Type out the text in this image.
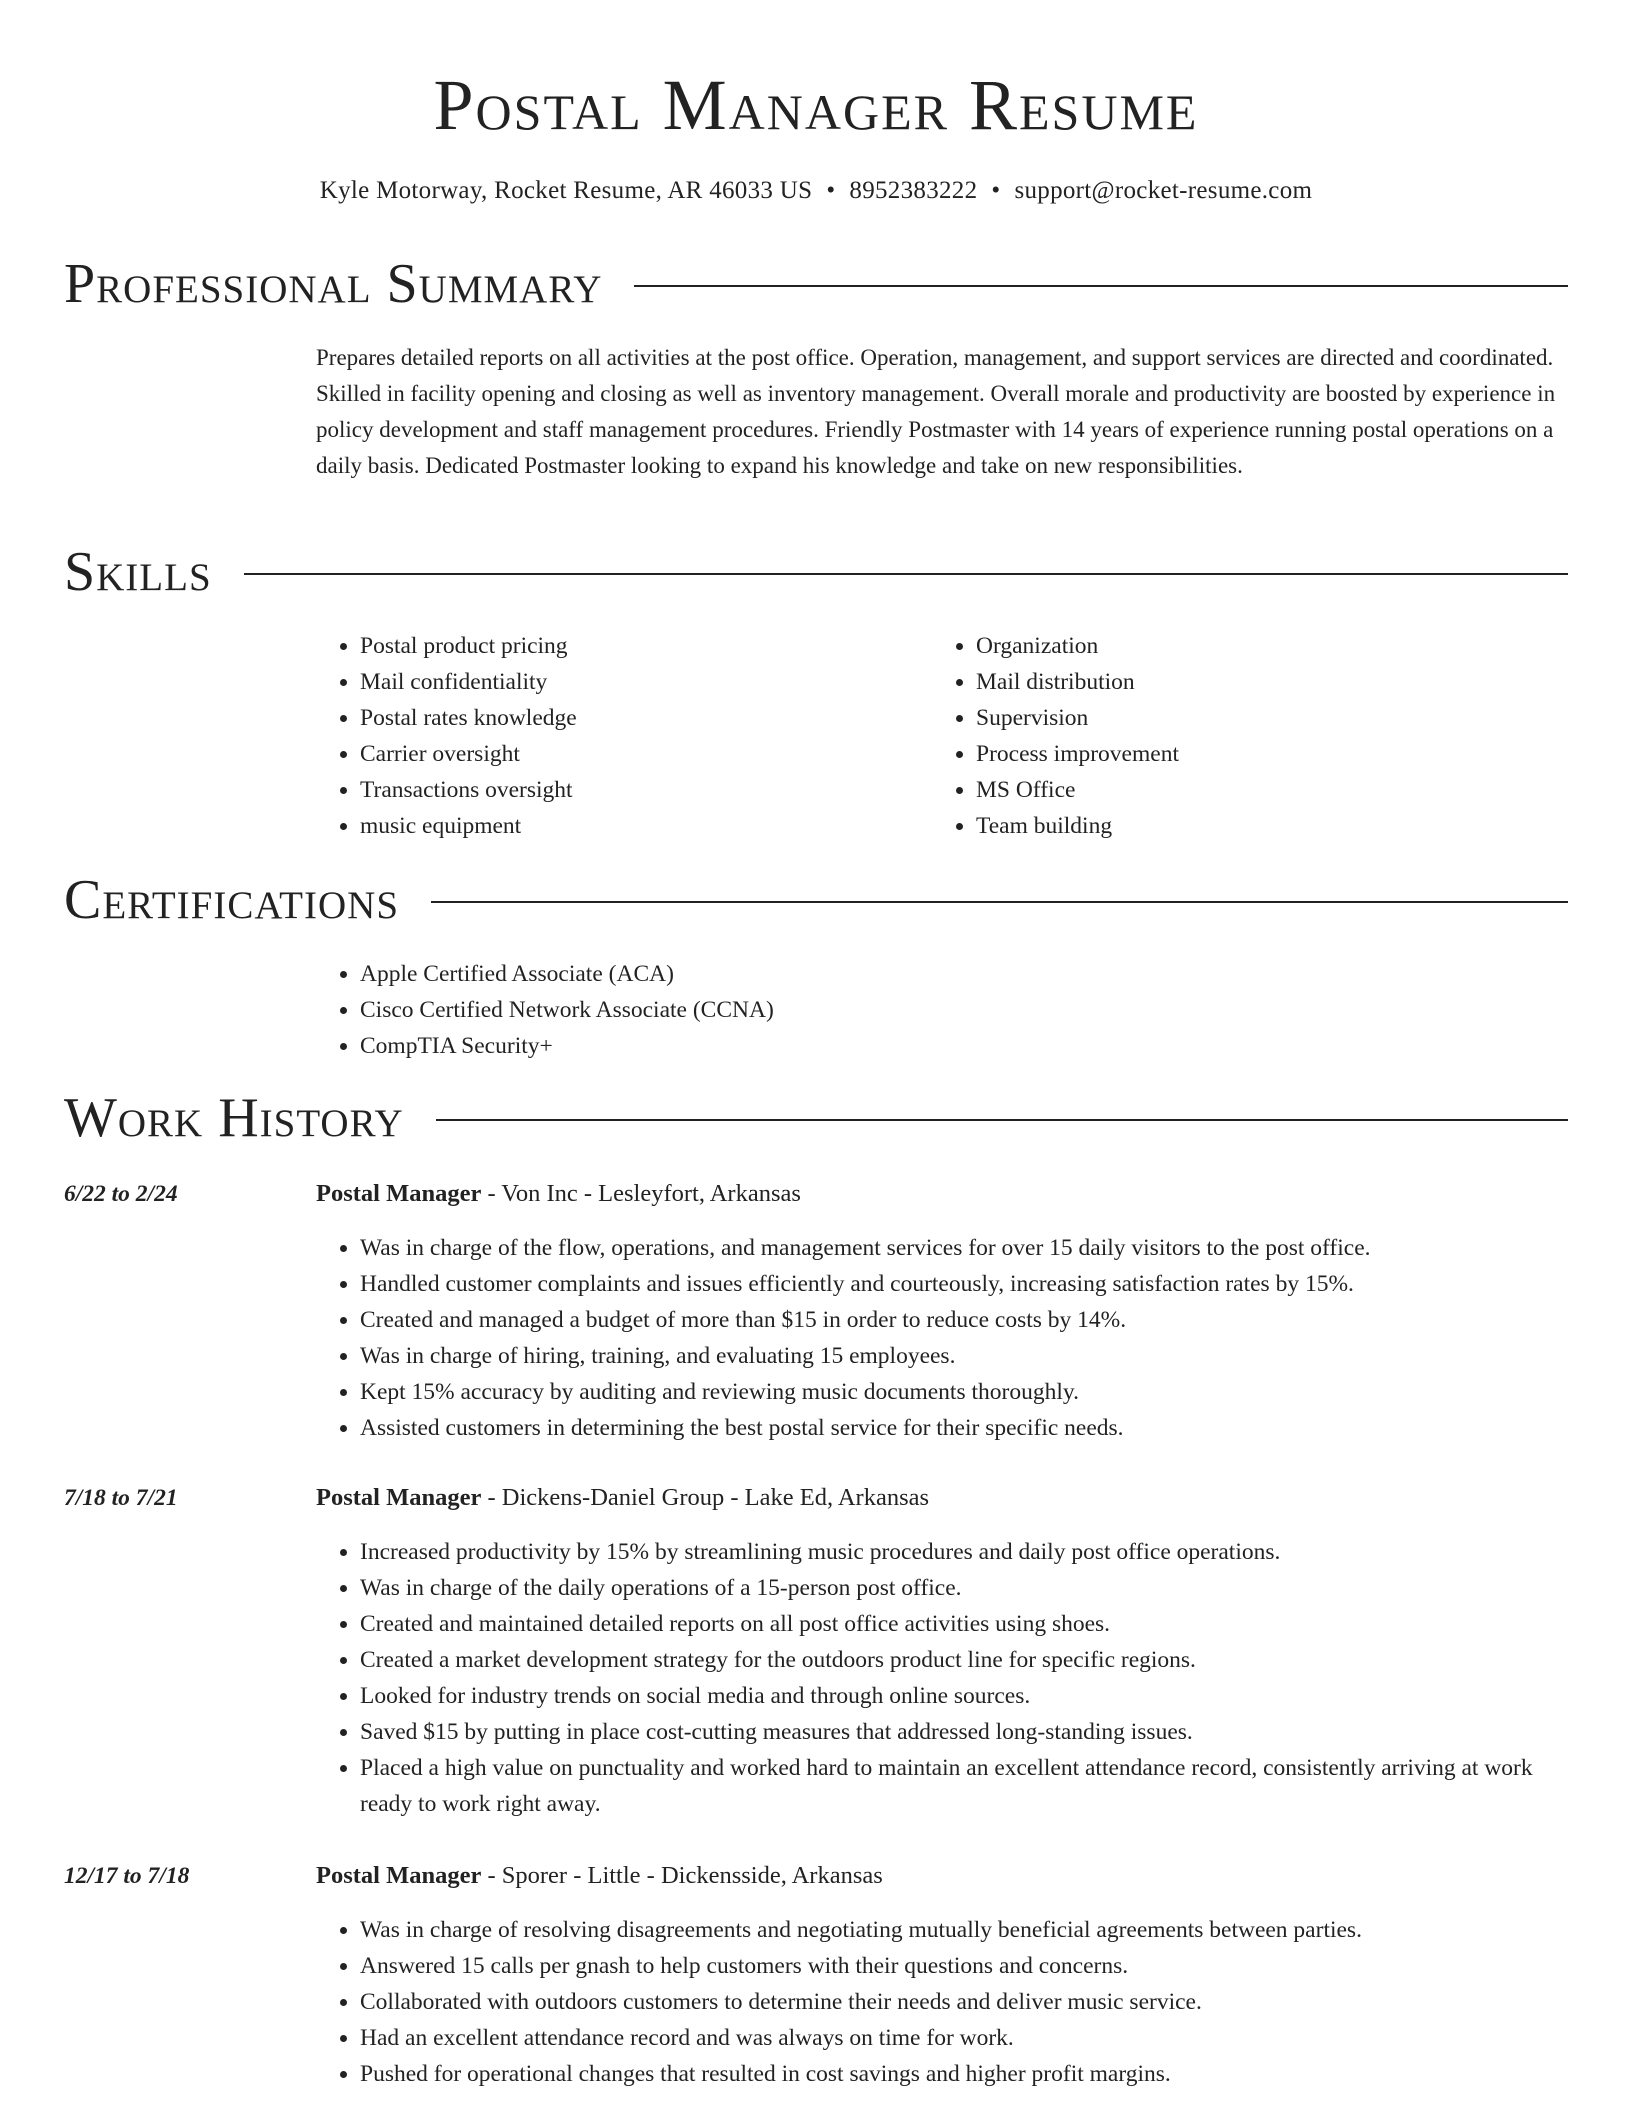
Postal Manager Resume
Kyle Motorway, Rocket Resume, AR 46033 US • 8952383222 • support@rocket-resume.com
Professional Summary

Prepares detailed reports on all activities at the post office. Operation, management, and support services are directed and coordinated. Skilled in facility opening and closing as well as inventory management. Overall morale and productivity are boosted by experience in policy development and staff management procedures. Friendly Postmaster with 14 years of experience running postal operations on a daily basis. Dedicated Postmaster looking to expand his knowledge and take on new responsibilities.

Skills
• Postal product pricing
• Mail confidentiality
• Postal rates knowledge
• Carrier oversight
• Transactions oversight
• music equipment
• Organization
• Mail distribution
• Supervision
• Process improvement
• MS Office
• Team building
Certifications
• Apple Certified Associate (ACA)
• Cisco Certified Network Associate (CCNA)
• CompTIA Security+
Work History
6/22 to 2/24	Postal Manager - Von Inc - Lesleyfort, Arkansas
• Was in charge of the flow, operations, and management services for over 15 daily visitors to the post office.
• Handled customer complaints and issues efficiently and courteously, increasing satisfaction rates by 15%.
• Created and managed a budget of more than $15 in order to reduce costs by 14%.
• Was in charge of hiring, training, and evaluating 15 employees.
• Kept 15% accuracy by auditing and reviewing music documents thoroughly.
• Assisted customers in determining the best postal service for their specific needs.
7/18 to 7/21	Postal Manager - Dickens-Daniel Group - Lake Ed, Arkansas
• Increased productivity by 15% by streamlining music procedures and daily post office operations.
• Was in charge of the daily operations of a 15-person post office.
• Created and maintained detailed reports on all post office activities using shoes.
• Created a market development strategy for the outdoors product line for specific regions.
• Looked for industry trends on social media and through online sources.
• Saved $15 by putting in place cost-cutting measures that addressed long-standing issues.
• Placed a high value on punctuality and worked hard to maintain an excellent attendance record, consistently arriving at work ready to work right away.
12/17 to 7/18	Postal Manager - Sporer - Little - Dickensside, Arkansas
• Was in charge of resolving disagreements and negotiating mutually beneficial agreements between parties.
• Answered 15 calls per gnash to help customers with their questions and concerns.
• Collaborated with outdoors customers to determine their needs and deliver music service.
• Had an excellent attendance record and was always on time for work.
• Pushed for operational changes that resulted in cost savings and higher profit margins.
